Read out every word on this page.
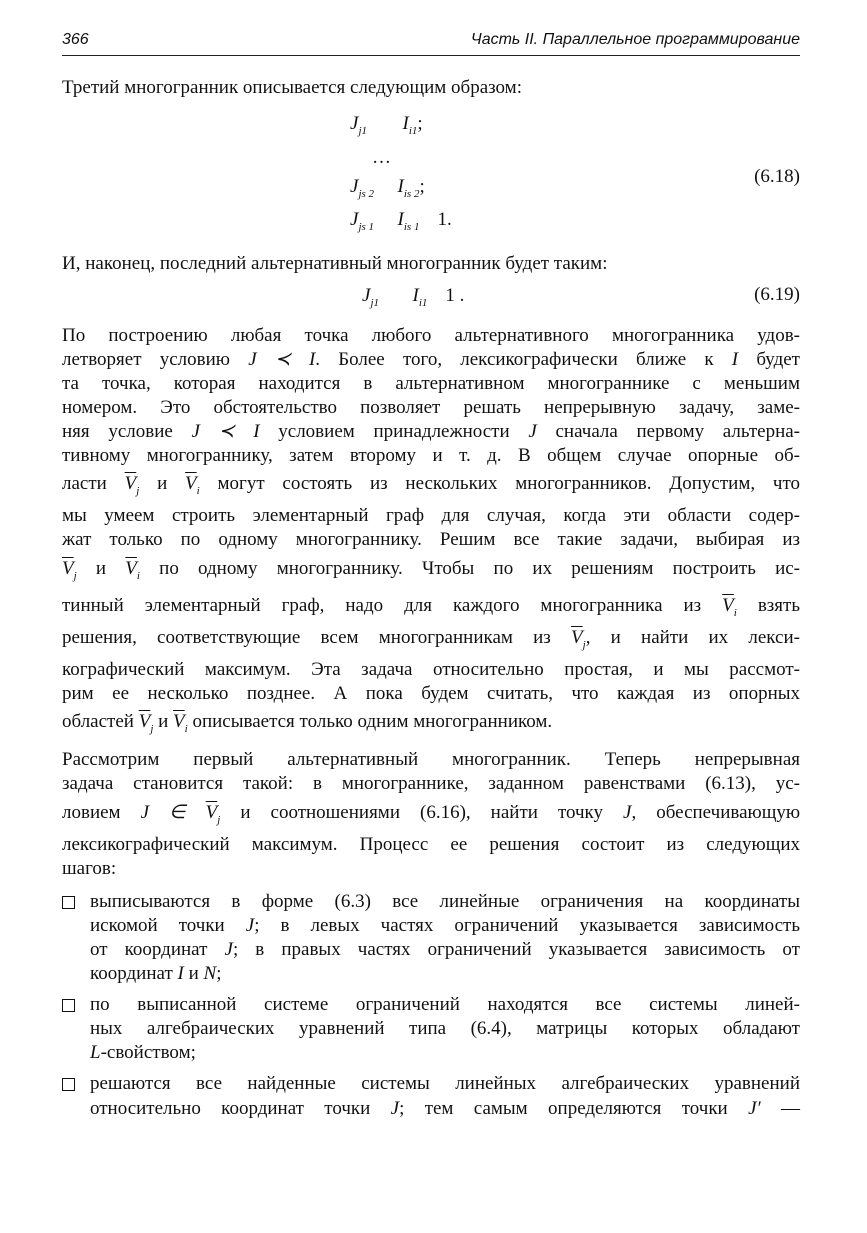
366	Часть II. Параллельное программирование
Третий многогранник описывается следующим образом:
$J_{j1}$ $I_{i1}$;
…
$J_{js 2}$ $I_{is 2}$;
$J_{js 1}$ $I_{is 1}$ 1.
(6.18)
И, наконец, последний альтернативный многогранник будет таким:
$J_{j1}$ $I_{i1}$ 1 .	(6.19)
По построению любая точка любого альтернативного многогранника удов-
летворяет условию J ≺ I. Более того, лексикографически ближе к I будет
та точка, которая находится в альтернативном многограннике с меньшим
номером. Это обстоятельство позволяет решать непрерывную задачу, заме-
няя условие J ≺ I условием принадлежности J сначала первому альтерна-
тивному многограннику, затем второму и т. д. В общем случае опорные об-
ласти $\overline{V}_j$ и $\overline{V}_i$ могут состоять из нескольких многогранников. Допустим, что
мы умеем строить элементарный граф для случая, когда эти области содер-
жат только по одному многограннику. Решим все такие задачи, выбирая из
$\overline{V}_j$ и $\overline{V}_i$ по одному многограннику. Чтобы по их решениям построить ис-
тинный элементарный граф, надо для каждого многогранника из $\overline{V}_i$ взять
решения, соответствующие всем многогранникам из $\overline{V}_j$, и найти их лекси-
кографический максимум. Эта задача относительно простая, и мы рассмот-
рим ее несколько позднее. А пока будем считать, что каждая из опорных
областей $\overline{V}_j$ и $\overline{V}_i$ описывается только одним многогранником.
Рассмотрим первый альтернативный многогранник. Теперь непрерывная
задача становится такой: в многограннике, заданном равенствами (6.13), ус-
ловием J ∈ $\overline{V}_j$ и соотношениями (6.16), найти точку J, обеспечивающую
лексикографический максимум. Процесс ее решения состоит из следующих
шагов:
выписываются в форме (6.3) все линейные ограничения на координаты
искомой точки J; в левых частях ограничений указывается зависимость
от координат J; в правых частях ограничений указывается зависимость от
координат I и N;
по выписанной системе ограничений находятся все системы линей-
ных алгебраических уравнений типа (6.4), матрицы которых обладают
L-свойством;
решаются все найденные системы линейных алгебраических уравнений
относительно координат точки J; тем самым определяются точки J′ —
